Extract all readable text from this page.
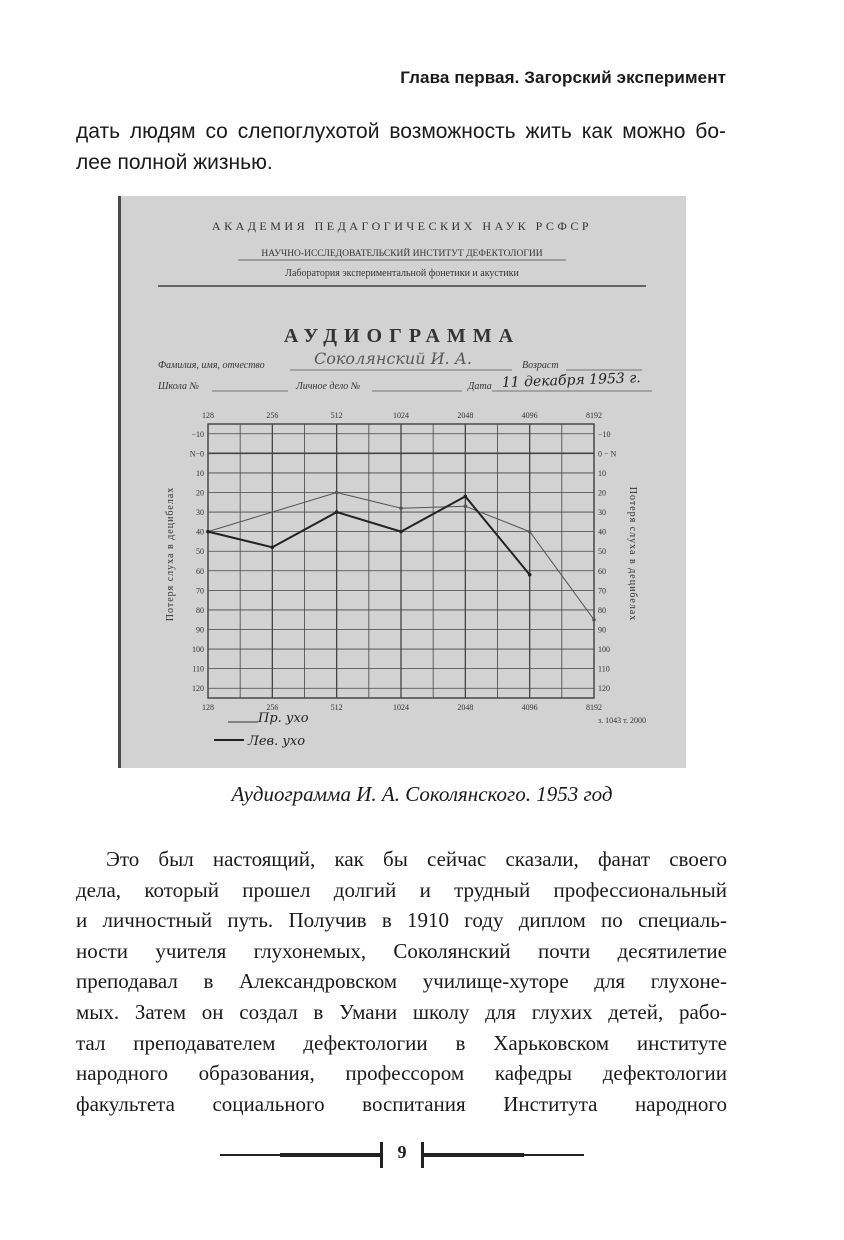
Глава первая. Загорский эксперимент

дать людям со слепоглухотой возможность жить как можно бо-
лее полной жизнью.

АКАДЕМИЯ ПЕДАГОГИЧЕСКИХ НАУК РСФСР
НАУЧНО-ИССЛЕДОВАТЕЛЬСКИЙ ИНСТИТУТ ДЕФЕКТОЛОГИИ
Лаборатория экспериментальной фонетики и акустики
АУДИОГРАММА
Фамилия, имя, отчество	Соколянский И. А.	Возраст
Школа №	Личное дело №	Дата 11 декабря 1953 г.
128
128
256
256
512
512
1024
1024
2048
2048
4096
4096
8192
8192
−10
N−0
10
20
30
40
50
60
70
80
90
100
110
120
−10
0 − N
10
20
30
40
50
60
70
80
90
100
110
120
Потеря слуха в децибелах	Потеря слуха в децибелах
Пр. ухо
Лев. ухо
з. 1043 т. 2000

Аудиограмма И. А. Соколянского. 1953 год

Это был настоящий, как бы сейчас сказали, фанат своего
дела, который прошел долгий и трудный профессиональный
и личностный путь. Получив в 1910 году диплом по специаль-
ности учителя глухонемых, Соколянский почти десятилетие
преподавал в Александровском училище-хуторе для глухоне-
мых. Затем он создал в Умани школу для глухих детей, рабо-
тал преподавателем дефектологии в Харьковском институте
народного образования, профессором кафедры дефектологии
факультета социального воспитания Института народного

9
